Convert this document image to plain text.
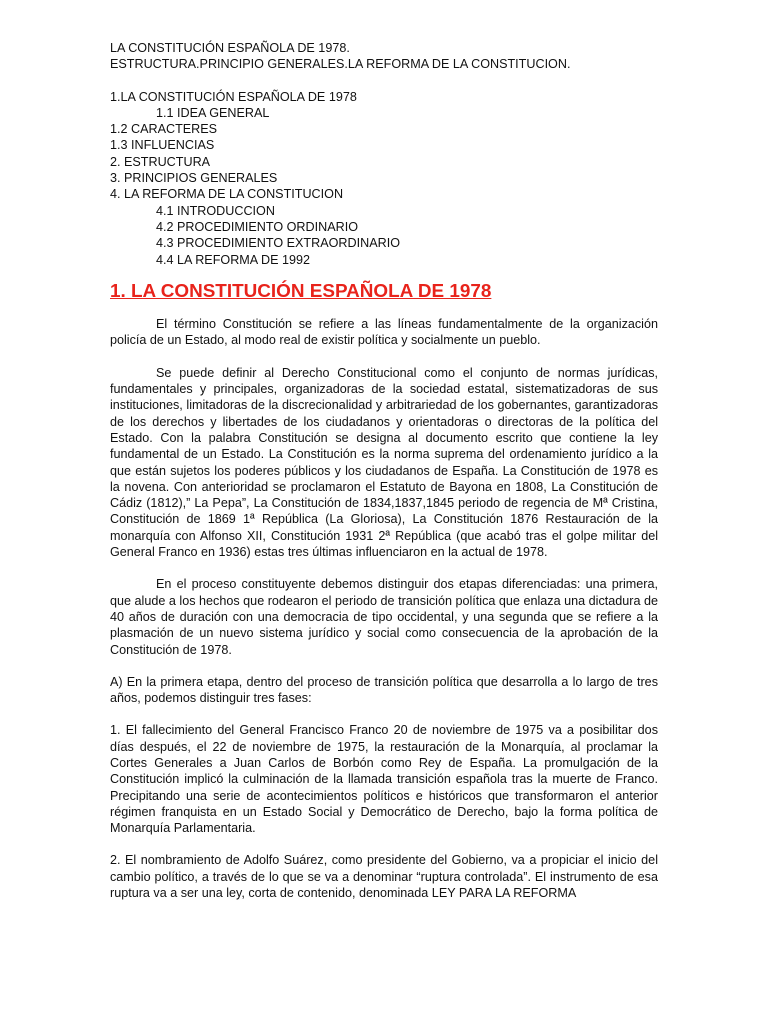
LA CONSTITUCIÓN ESPAÑOLA DE 1978.

ESTRUCTURA.PRINCIPIO GENERALES.LA REFORMA DE LA CONSTITUCION.

1.LA CONSTITUCIÓN ESPAÑOLA DE 1978

1.1 IDEA GENERAL

1.2 CARACTERES

1.3 INFLUENCIAS

2. ESTRUCTURA

3. PRINCIPIOS GENERALES

4. LA REFORMA DE LA CONSTITUCION

4.1 INTRODUCCION

4.2 PROCEDIMIENTO ORDINARIO

4.3 PROCEDIMIENTO EXTRAORDINARIO

4.4 LA REFORMA DE 1992

1. LA CONSTITUCIÓN ESPAÑOLA DE 1978

El término Constitución se refiere a las líneas fundamentalmente de la organización policía de un Estado, al modo real de existir política y socialmente un pueblo.

Se puede definir al Derecho Constitucional como el conjunto de normas jurídicas, fundamentales y principales, organizadoras de la sociedad estatal, sistematizadoras de sus instituciones, limitadoras de la discrecionalidad y arbitrariedad de los gobernantes, garantizadoras de los derechos y libertades de los ciudadanos y orientadoras o directoras de la política del Estado. Con la palabra Constitución se designa al documento escrito que contiene la ley fundamental de un Estado. La Constitución es la norma suprema del ordenamiento jurídico a la que están sujetos los poderes públicos y los ciudadanos de España. La Constitución de 1978 es la novena. Con anterioridad se proclamaron el Estatuto de Bayona en 1808, La Constitución de Cádiz (1812),” La Pepa”, La Constitución de 1834,1837,1845 periodo de regencia de Mª Cristina, Constitución de 1869 1ª República (La Gloriosa), La Constitución 1876 Restauración de la monarquía con Alfonso XII, Constitución 1931 2ª República (que acabó tras el golpe militar del General Franco en 1936) estas tres últimas influenciaron en la actual de 1978.

En el proceso constituyente debemos distinguir dos etapas diferenciadas: una primera, que alude a los hechos que rodearon el periodo de transición política que enlaza una dictadura de 40 años de duración con una democracia de tipo occidental, y una segunda que se refiere a la plasmación de un nuevo sistema jurídico y social como consecuencia de la aprobación de la Constitución de 1978.

A) En la primera etapa, dentro del proceso de transición política que desarrolla a lo largo de tres años, podemos distinguir tres fases:

1. El fallecimiento del General Francisco Franco 20 de noviembre de 1975 va a posibilitar dos días después, el 22 de noviembre de 1975, la restauración de la Monarquía, al proclamar la Cortes Generales a Juan Carlos de Borbón como Rey de España. La promulgación de la Constitución implicó la culminación de la llamada transición española tras la muerte de Franco. Precipitando una serie de acontecimientos políticos e históricos que transformaron el anterior régimen franquista en un Estado Social y Democrático de Derecho, bajo la forma política de Monarquía Parlamentaria.

2. El nombramiento de Adolfo Suárez, como presidente del Gobierno, va a propiciar el inicio del cambio político, a través de lo que se va a denominar “ruptura controlada”. El instrumento de esa ruptura va a ser una ley, corta de contenido, denominada LEY PARA LA REFORMA
